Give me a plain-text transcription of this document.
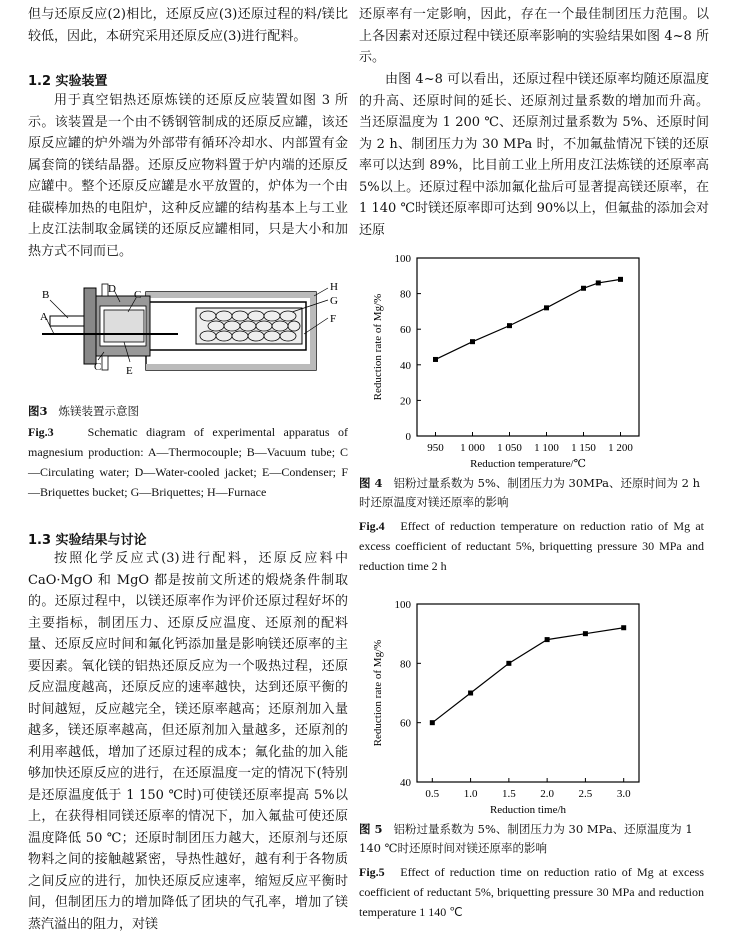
但与还原反应(2)相比，还原反应(3)还原过程的料/镁比较低，因此，本研究采用还原反应(3)进行配料。

1.2 实验装置

用于真空铝热还原炼镁的还原反应装置如图 3 所示。该装置是一个由不锈钢管制成的还原反应罐，该还原反应罐的炉外端为外部带有循环冷却水、内部置有金属套筒的镁结晶器。还原反应物料置于炉内端的还原反应罐中。整个还原反应罐是水平放置的，炉体为一个由硅碳棒加热的电阻炉，这种反应罐的结构基本上与工业上皮江法制取金属镁的还原反应罐相同，只是大小和加热方式不同而已。

B
A
D C
C E
H
G
F
图3 炼镁装置示意图
Fig.3	Schematic diagram of experimental apparatus of magnesium production: A—Thermocouple; B—Vacuum tube; C—Circulating water; D—Water-cooled jacket; E—Condenser; F—Briquettes bucket; G—Briquettes; H—Furnace

1.3 实验结果与讨论

按照化学反应式(3)进行配料，还原反应料中 CaO·MgO 和 MgO 都是按前文所述的煅烧条件制取的。还原过程中，以镁还原率作为评价还原过程好坏的主要指标，制团压力、还原反应温度、还原剂的配料量、还原反应时间和氟化钙添加量是影响镁还原率的主要因素。氧化镁的铝热还原反应为一个吸热过程，还原反应温度越高，还原反应的速率越快，达到还原平衡的时间越短，反应越完全，镁还原率越高；还原剂加入量越多，镁还原率越高，但还原剂加入量越多，还原剂的利用率越低，增加了还原过程的成本；氟化盐的加入能够加快还原反应的进行，在还原温度一定的情况下(特别是还原温度低于 1 150 ℃时)可使镁还原率提高 5%以上，在获得相同镁还原率的情况下，加入氟盐可使还原温度降低 50 ℃；还原时制团压力越大，还原剂与还原物料之间的接触越紧密，导热性越好，越有利于各物质之间反应的进行，加快还原反应速率，缩短反应平衡时间，但制团压力的增加降低了团块的气孔率，增加了镁蒸汽溢出的阻力，对镁

还原率有一定影响，因此，存在一个最佳制团压力范围。以上各因素对还原过程中镁还原率影响的实验结果如图 4~8 所示。

由图 4~8 可以看出，还原过程中镁还原率均随还原温度的升高、还原时间的延长、还原剂过量系数的增加而升高。当还原温度为 1 200 ℃、还原剂过量系数为 5%、还原时间为 2 h、制团压力为 30 MPa 时，不加氟盐情况下镁的还原率可以达到 89%，比目前工业上所用皮江法炼镁的还原率高 5%以上。还原过程中添加氟化盐后可显著提高镁还原率，在 1 140 ℃时镁还原率即可达到 90%以上，但氟盐的添加会对还原

0
20
40
60
80
100
950 1 000 1 050 1 100 1 150 1 200
Reduction temperature/℃
Reduction rate of Mg/%
图 4 铝粉过量系数为 5%、制团压力为 30MPa、还原时间为 2 h 时还原温度对镁还原率的影响
Fig.4 Effect of reduction temperature on reduction ratio of Mg at excess coefficient of reductant 5%, briquetting pressure 30 MPa and reduction time 2 h
40
60
80
100
0.5 1.0 1.5 2.0 2.5 3.0
Reduction time/h
Reduction rate of Mg/%
图 5 铝粉过量系数为 5%、制团压力为 30 MPa、还原温度为 1 140 ℃时还原时间对镁还原率的影响
Fig.5 Effect of reduction time on reduction ratio of Mg at excess coefficient of reductant 5%, briquetting pressure 30 MPa and reduction temperature 1 140 ℃
